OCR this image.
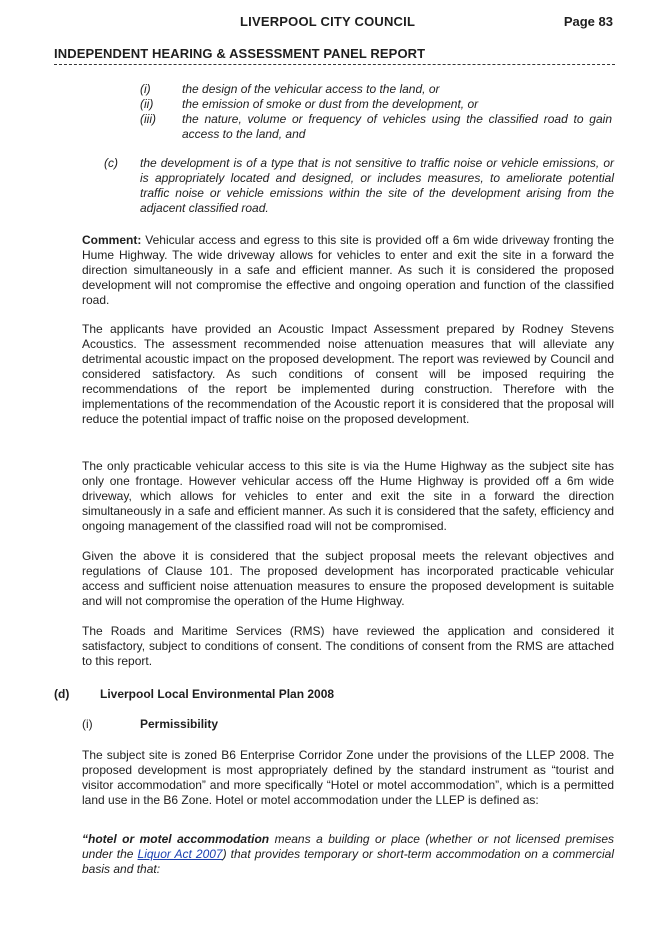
LIVERPOOL CITY COUNCIL	Page 83
INDEPENDENT HEARING & ASSESSMENT PANEL REPORT
(i)	the design of the vehicular access to the land, or
(ii)	the emission of smoke or dust from the development, or
(iii)	the nature, volume or frequency of vehicles using the classified road to gain access to the land, and
(c)	the development is of a type that is not sensitive to traffic noise or vehicle emissions, or is appropriately located and designed, or includes measures, to ameliorate potential traffic noise or vehicle emissions within the site of the development arising from the adjacent classified road.
Comment: Vehicular access and egress to this site is provided off a 6m wide driveway fronting the Hume Highway. The wide driveway allows for vehicles to enter and exit the site in a forward the direction simultaneously in a safe and efficient manner. As such it is considered the proposed development will not compromise the effective and ongoing operation and function of the classified road.
The applicants have provided an Acoustic Impact Assessment prepared by Rodney Stevens Acoustics. The assessment recommended noise attenuation measures that will alleviate any detrimental acoustic impact on the proposed development. The report was reviewed by Council and considered satisfactory. As such conditions of consent will be imposed requiring the recommendations of the report be implemented during construction. Therefore with the implementations of the recommendation of the Acoustic report it is considered that the proposal will reduce the potential impact of traffic noise on the proposed development.
The only practicable vehicular access to this site is via the Hume Highway as the subject site has only one frontage. However vehicular access off the Hume Highway is provided off a 6m wide driveway, which allows for vehicles to enter and exit the site in a forward the direction simultaneously in a safe and efficient manner. As such it is considered that the safety, efficiency and ongoing management of the classified road will not be compromised.
Given the above it is considered that the subject proposal meets the relevant objectives and regulations of Clause 101. The proposed development has incorporated practicable vehicular access and sufficient noise attenuation measures to ensure the proposed development is suitable and will not compromise the operation of the Hume Highway.
The Roads and Maritime Services (RMS) have reviewed the application and considered it satisfactory, subject to conditions of consent. The conditions of consent from the RMS are attached to this report.
(d)	Liverpool Local Environmental Plan 2008
(i)	Permissibility
The subject site is zoned B6 Enterprise Corridor Zone under the provisions of the LLEP 2008. The proposed development is most appropriately defined by the standard instrument as “tourist and visitor accommodation” and more specifically “Hotel or motel accommodation”, which is a permitted land use in the B6 Zone. Hotel or motel accommodation under the LLEP is defined as:
“hotel or motel accommodation means a building or place (whether or not licensed premises under the Liquor Act 2007) that provides temporary or short-term accommodation on a commercial basis and that:
